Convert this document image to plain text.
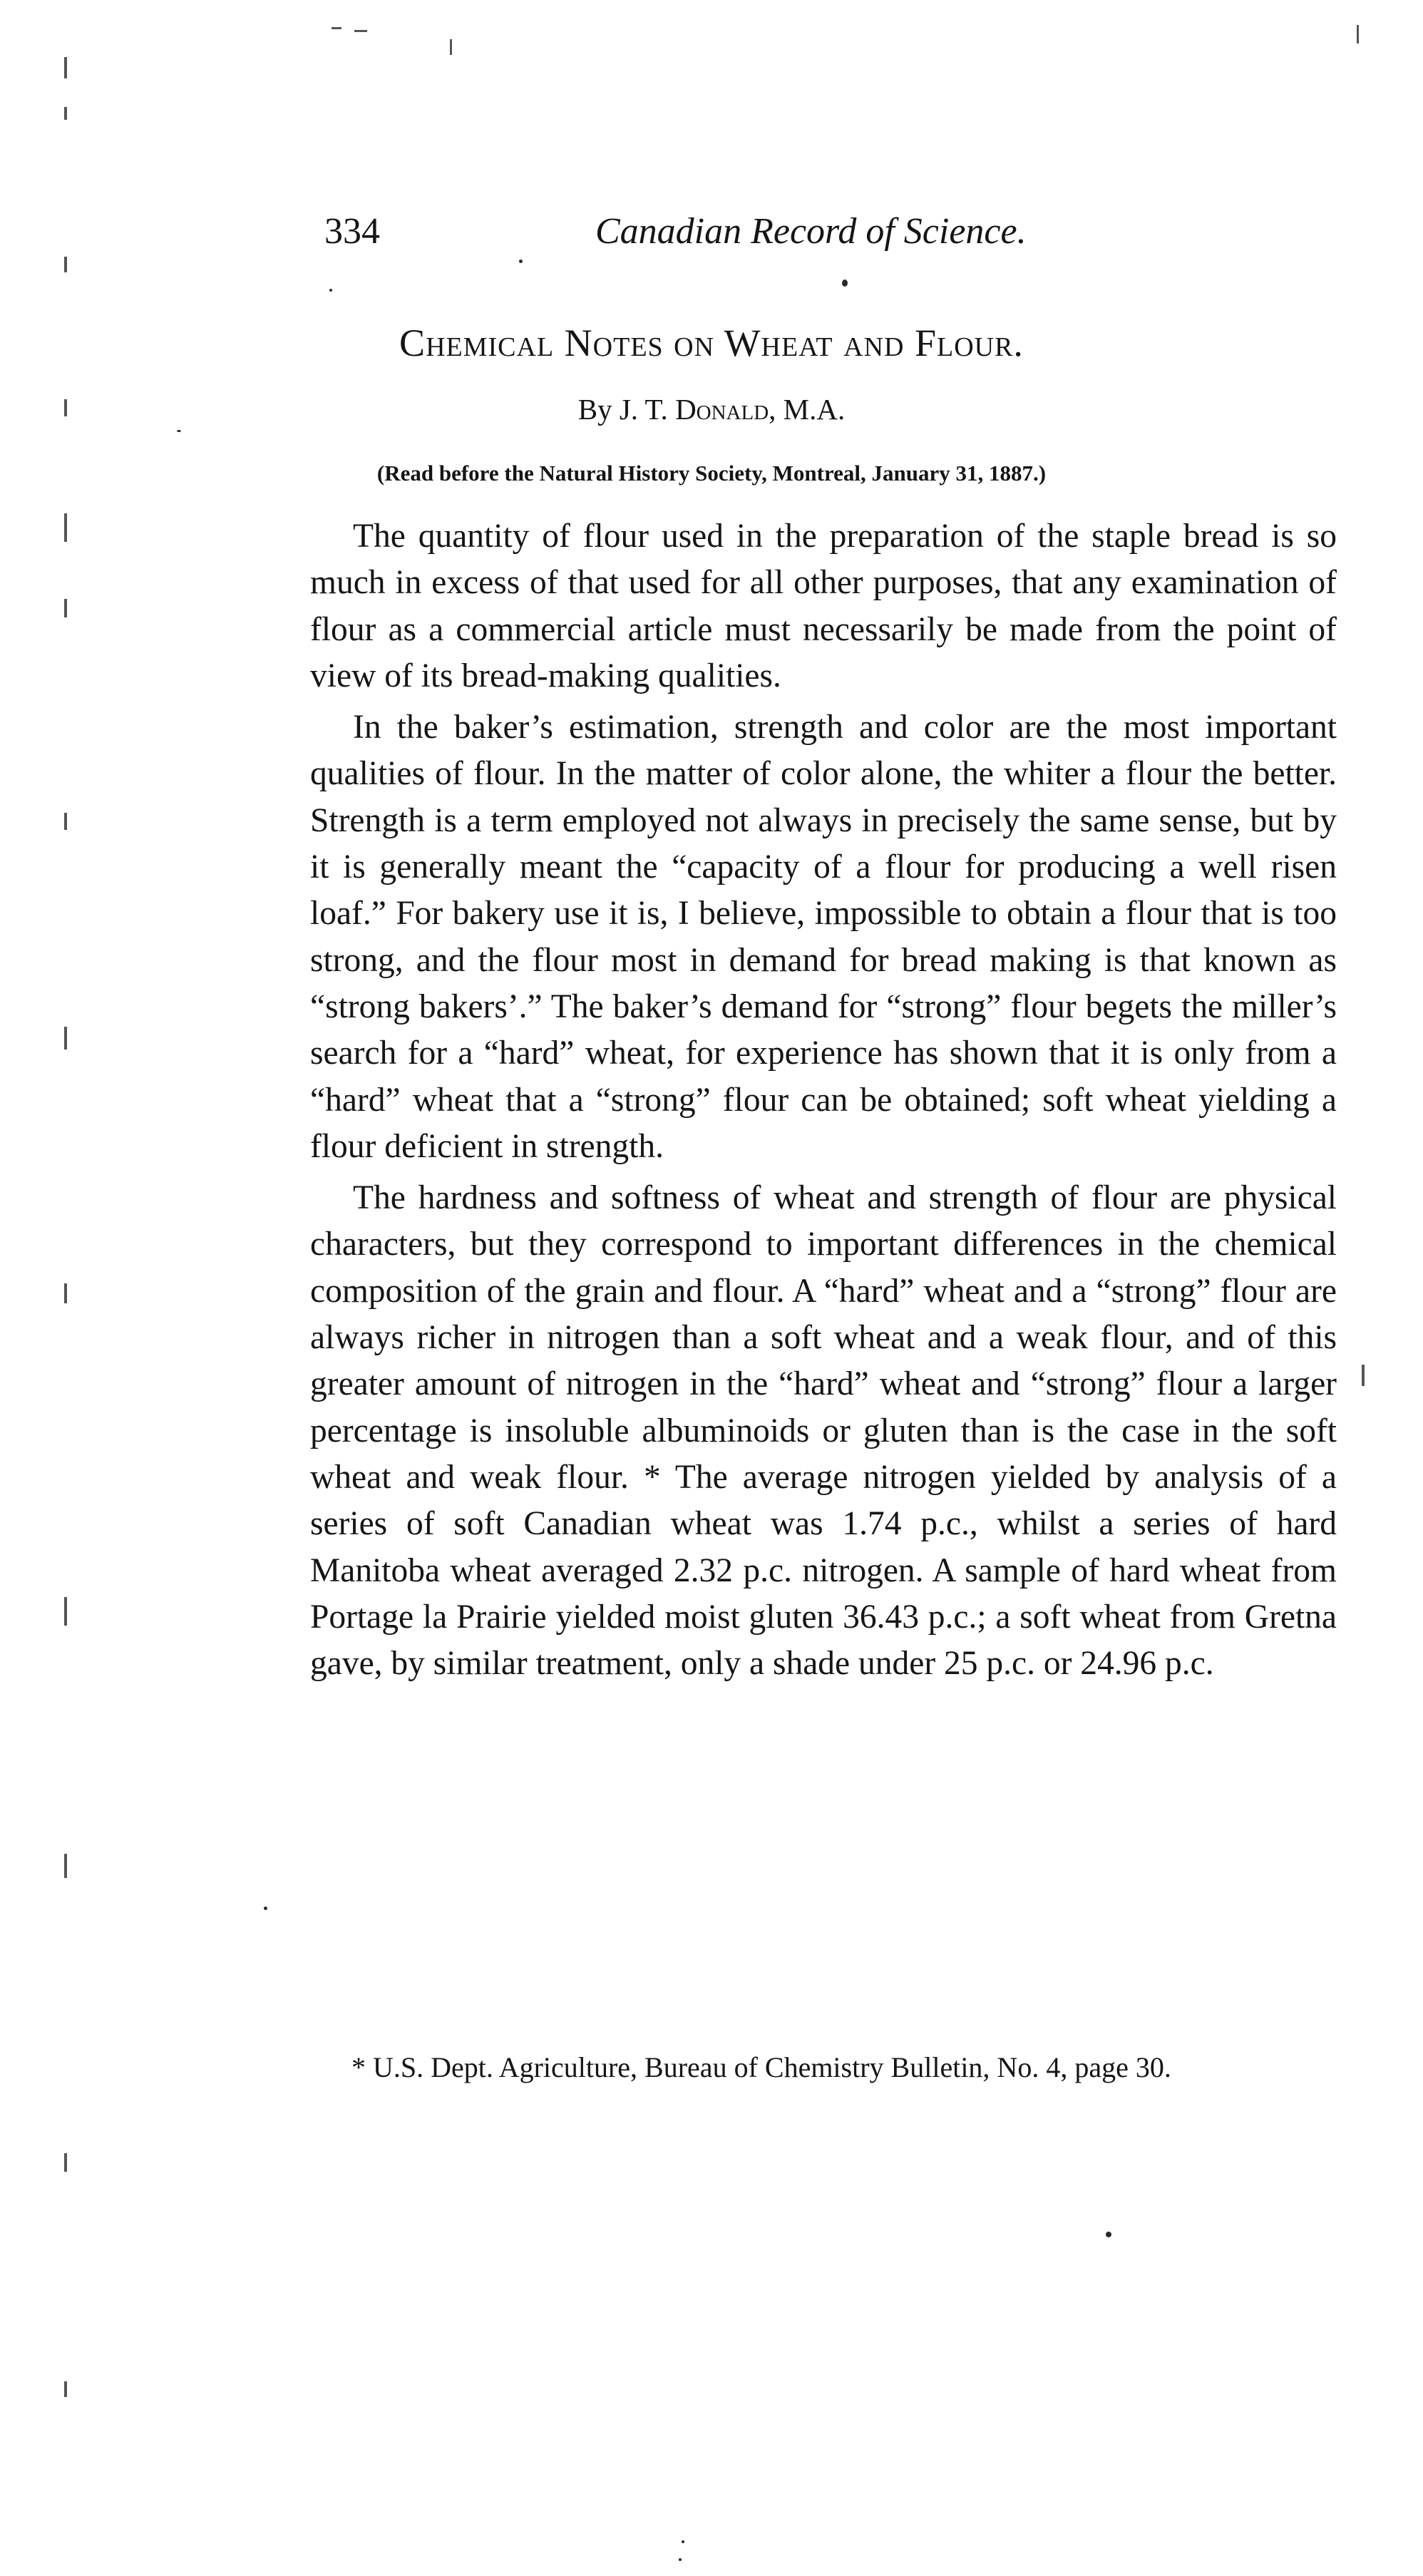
334	Canadian Record of Science.
Chemical Notes on Wheat and Flour.
By J. T. Donald, M.A.
(Read before the Natural History Society, Montreal, January 31, 1887.)

The quantity of flour used in the preparation of the staple bread is so much in excess of that used for all other purposes, that any examination of flour as a commercial article must necessarily be made from the point of view of its bread-making qualities.

In the baker’s estimation, strength and color are the most important qualities of flour. In the matter of color alone, the whiter a flour the better. Strength is a term employed not always in precisely the same sense, but by it is generally meant the “capacity of a flour for producing a well risen loaf.” For bakery use it is, I believe, impossible to obtain a flour that is too strong, and the flour most in demand for bread making is that known as “strong bakers’.” The baker’s demand for “strong” flour begets the miller’s search for a “hard” wheat, for experience has shown that it is only from a “hard” wheat that a “strong” flour can be obtained; soft wheat yielding a flour deficient in strength.

The hardness and softness of wheat and strength of flour are physical characters, but they correspond to important differences in the chemical composition of the grain and flour. A “hard” wheat and a “strong” flour are always richer in nitrogen than a soft wheat and a weak flour, and of this greater amount of nitrogen in the “hard” wheat and “strong” flour a larger percentage is insoluble albuminoids or gluten than is the case in the soft wheat and weak flour. * The average nitrogen yielded by analysis of a series of soft Canadian wheat was 1.74 p.c., whilst a series of hard Manitoba wheat averaged 2.32 p.c. nitrogen. A sample of hard wheat from Portage la Prairie yielded moist gluten 36.43 p.c.; a soft wheat from Gretna gave, by similar treatment, only a shade under 25 p.c. or 24.96 p.c.

* U.S. Dept. Agriculture, Bureau of Chemistry Bulletin, No. 4, page 30.
